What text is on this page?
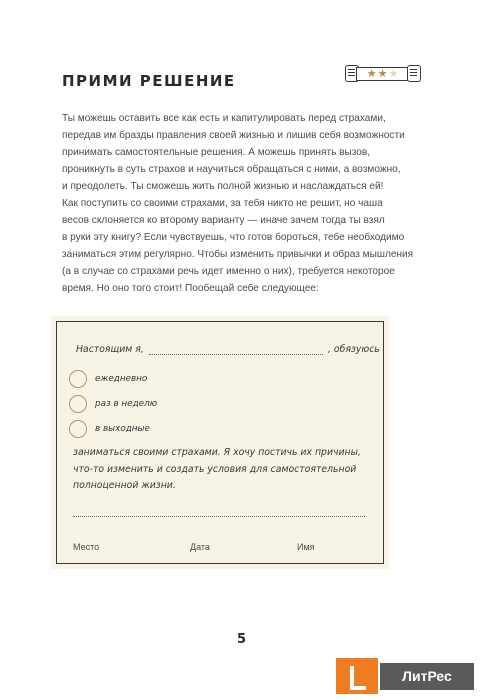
ПРИМИ РЕШЕНИЕ	★★★
Ты можешь оставить все как есть и капитулировать перед страхами,
передав им бразды правления своей жизнью и лишив себя возможности
принимать самостоятельные решения. А можешь принять вызов,
проникнуть в суть страхов и научиться обращаться с ними, а возможно,
и преодолеть. Ты сможешь жить полной жизнью и наслаждаться ей!
Как поступить со своими страхами, за тебя никто не решит, но чаша
весов склоняется ко второму варианту — иначе зачем тогда ты взял
в руки эту книгу? Если чувствуешь, что готов бороться, тебе необходимо
заниматься этим регулярно. Чтобы изменить привычки и образ мышления
(а в случае со страхами речь идет именно о них), требуется некоторое
время. Но оно того стоит! Пообещай себе следующее:
Настоящим я,	, обязуюсь
ежедневно
раз в неделю
в выходные
заниматься своими страхами. Я хочу постичь их причины,
что-то изменить и создать условия для самостоятельной
полноценной жизни.
Место	Дата	Имя
5
ЛитРес
